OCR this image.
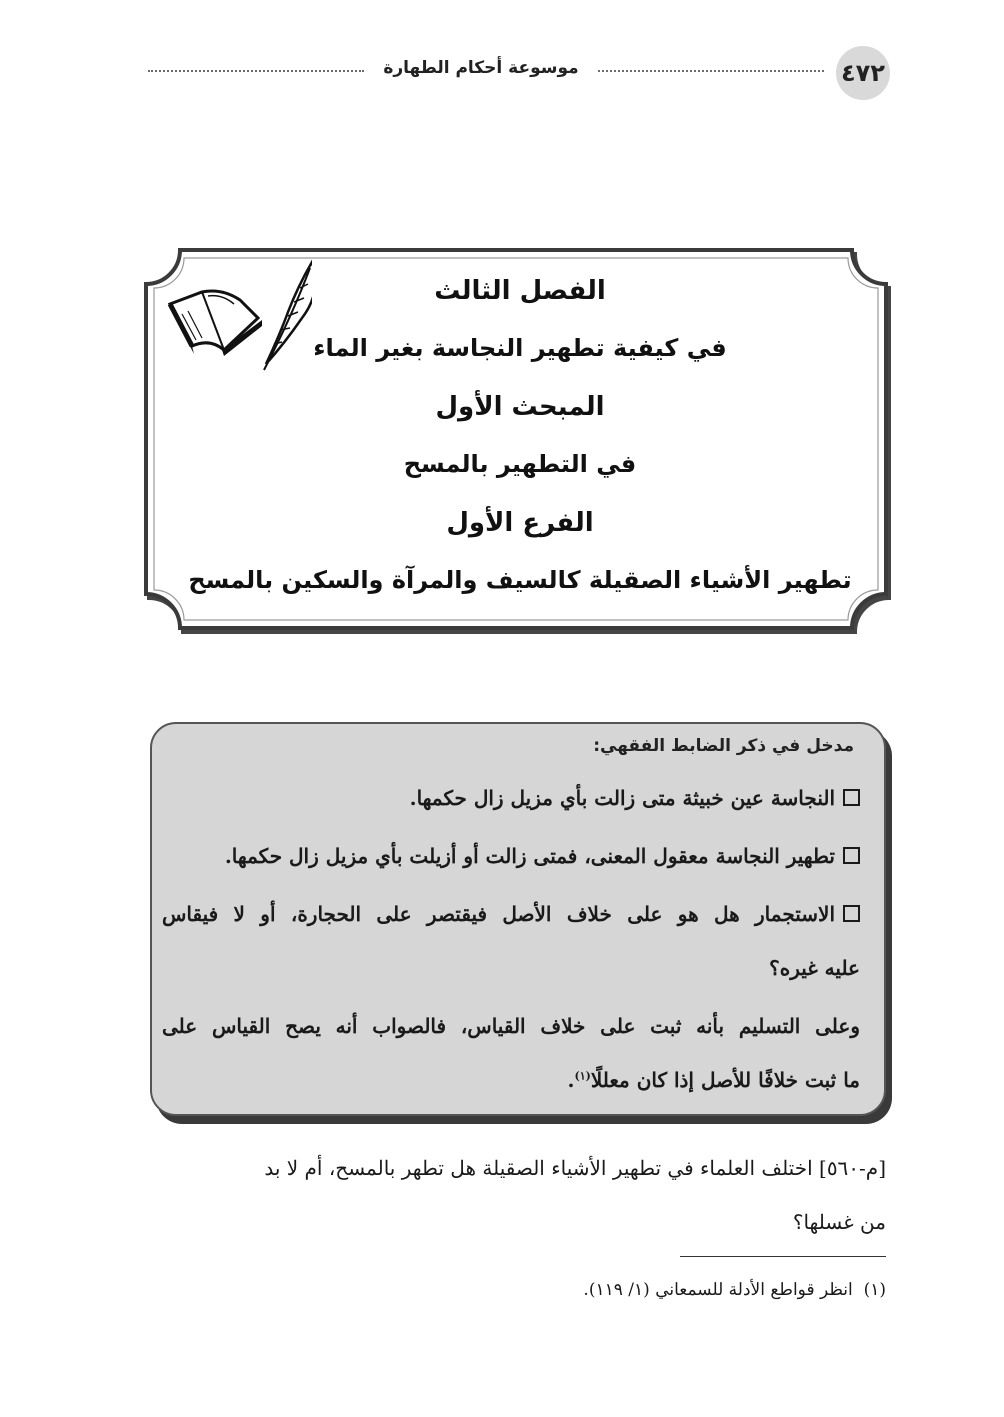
موسوعة أحكام الطهارة	٤٧٢
الفصل الثالث
في كيفية تطهير النجاسة بغير الماء
المبحث الأول
في التطهير بالمسح
الفرع الأول
تطهير الأشياء الصقيلة كالسيف والمرآة والسكين بالمسح
مدخل في ذكر الضابط الفقهي:
النجاسة عين خبيثة متى زالت بأي مزيل زال حكمها.
تطهير النجاسة معقول المعنى، فمتى زالت أو أزيلت بأي مزيل زال حكمها.
الاستجمار هل هو على خلاف الأصل فيقتصر على الحجارة، أو لا فيقاس
عليه غيره؟
وعلى التسليم بأنه ثبت على خلاف القياس، فالصواب أنه يصح القياس على
ما ثبت خلافًا للأصل إذا كان معللًا$^{(١)}$.
[م-٥٦٠] اختلف العلماء في تطهير الأشياء الصقيلة هل تطهر بالمسح، أم لا بد
من غسلها؟
(١)  انظر قواطع الأدلة للسمعاني (١/ ١١٩).
